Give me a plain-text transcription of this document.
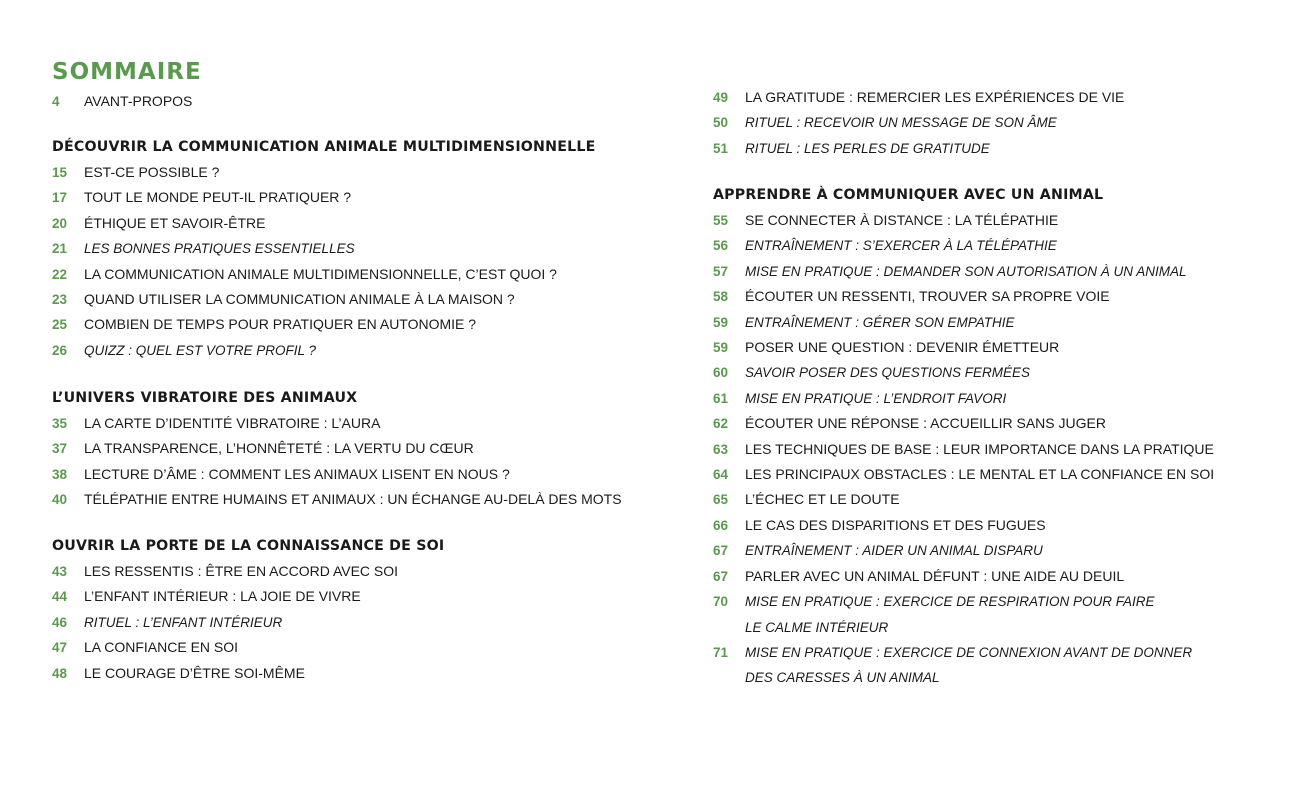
SOMMAIRE
4	AVANT-PROPOS
DÉCOUVRIR LA COMMUNICATION ANIMALE MULTIDIMENSIONNELLE
15	EST-CE POSSIBLE ?
17	TOUT LE MONDE PEUT-IL PRATIQUER ?
20	ÉTHIQUE ET SAVOIR-ÊTRE
21	LES BONNES PRATIQUES ESSENTIELLES
22	LA COMMUNICATION ANIMALE MULTIDIMENSIONNELLE, C’EST QUOI ?
23	QUAND UTILISER LA COMMUNICATION ANIMALE À LA MAISON ?
25	COMBIEN DE TEMPS POUR PRATIQUER EN AUTONOMIE ?
26	QUIZZ : QUEL EST VOTRE PROFIL ?
L’UNIVERS VIBRATOIRE DES ANIMAUX
35	LA CARTE D’IDENTITÉ VIBRATOIRE : L’AURA
37	LA TRANSPARENCE, L’HONNÊTETÉ : LA VERTU DU CŒUR
38	LECTURE D’ÂME : COMMENT LES ANIMAUX LISENT EN NOUS ?
40	TÉLÉPATHIE ENTRE HUMAINS ET ANIMAUX : UN ÉCHANGE AU-DELÀ DES MOTS
OUVRIR LA PORTE DE LA CONNAISSANCE DE SOI
43	LES RESSENTIS : ÊTRE EN ACCORD AVEC SOI
44	L’ENFANT INTÉRIEUR : LA JOIE DE VIVRE
46	RITUEL : L’ENFANT INTÉRIEUR
47	LA CONFIANCE EN SOI
48	LE COURAGE D’ÊTRE SOI-MÊME
49	LA GRATITUDE : REMERCIER LES EXPÉRIENCES DE VIE
50	RITUEL : RECEVOIR UN MESSAGE DE SON ÂME
51	RITUEL : LES PERLES DE GRATITUDE
APPRENDRE À COMMUNIQUER AVEC UN ANIMAL
55	SE CONNECTER À DISTANCE : LA TÉLÉPATHIE
56	ENTRAÎNEMENT : S’EXERCER À LA TÉLÉPATHIE
57	MISE EN PRATIQUE : DEMANDER SON AUTORISATION À UN ANIMAL
58	ÉCOUTER UN RESSENTI, TROUVER SA PROPRE VOIE
59	ENTRAÎNEMENT : GÉRER SON EMPATHIE
59	POSER UNE QUESTION : DEVENIR ÉMETTEUR
60	SAVOIR POSER DES QUESTIONS FERMÉES
61	MISE EN PRATIQUE : L’ENDROIT FAVORI
62	ÉCOUTER UNE RÉPONSE : ACCUEILLIR SANS JUGER
63	LES TECHNIQUES DE BASE : LEUR IMPORTANCE DANS LA PRATIQUE
64	LES PRINCIPAUX OBSTACLES : LE MENTAL ET LA CONFIANCE EN SOI
65	L’ÉCHEC ET LE DOUTE
66	LE CAS DES DISPARITIONS ET DES FUGUES
67	ENTRAÎNEMENT : AIDER UN ANIMAL DISPARU
67	PARLER AVEC UN ANIMAL DÉFUNT : UNE AIDE AU DEUIL
70	MISE EN PRATIQUE : EXERCICE DE RESPIRATION POUR FAIRE
LE CALME INTÉRIEUR
71	MISE EN PRATIQUE : EXERCICE DE CONNEXION AVANT DE DONNER
DES CARESSES À UN ANIMAL
